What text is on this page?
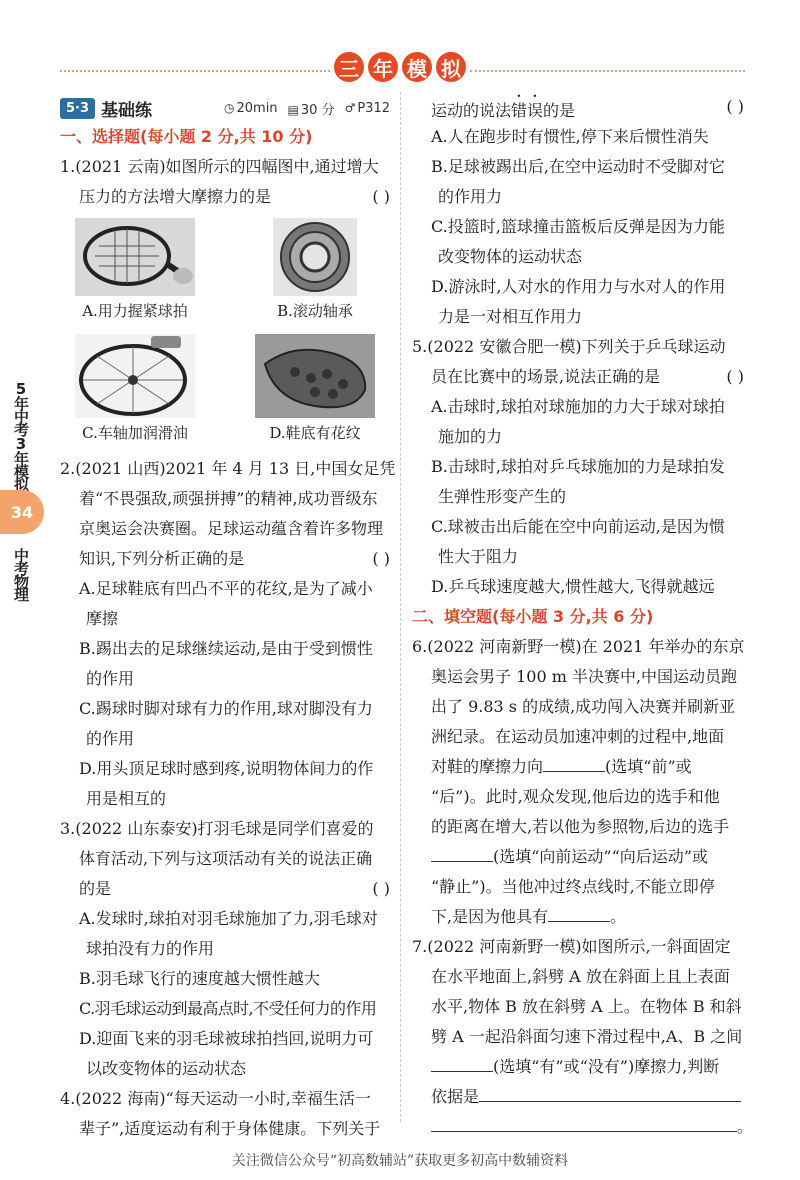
三 年 模 拟
5年中考3年模拟
34
中考物理
5·3 基础练	◷ 20min ▤ 30 分 ♂ P312
一、选择题(每小题 2 分,共 10 分)
1.(2021 云南)如图所示的四幅图中,通过增大
压力的方法增大摩擦力的是	( )
A.用力握紧球拍	B.滚动轴承
C.车轴加润滑油	D.鞋底有花纹
2.(2021 山西)2021 年 4 月 13 日,中国女足凭
着“不畏强敌,顽强拼搏”的精神,成功晋级东
京奥运会决赛圈。足球运动蕴含着许多物理
知识,下列分析正确的是	( )
A.足球鞋底有凹凸不平的花纹,是为了减小
摩擦
B.踢出去的足球继续运动,是由于受到惯性
的作用
C.踢球时脚对球有力的作用,球对脚没有力
的作用
D.用头顶足球时感到疼,说明物体间力的作
用是相互的
3.(2022 山东泰安)打羽毛球是同学们喜爱的
体育活动,下列与这项活动有关的说法正确
的是	( )
A.发球时,球拍对羽毛球施加了力,羽毛球对
球拍没有力的作用
B.羽毛球飞行的速度越大惯性越大
C.羽毛球运动到最高点时,不受任何力的作用
D.迎面飞来的羽毛球被球拍挡回,说明力可
以改变物体的运动状态
4.(2022 海南)“每天运动一小时,幸福生活一
辈子”,适度运动有利于身体健康。下列关于
运动的说法错误的是	( )
A.人在跑步时有惯性,停下来后惯性消失
B.足球被踢出后,在空中运动时不受脚对它
的作用力
C.投篮时,篮球撞击篮板后反弹是因为力能
改变物体的运动状态
D.游泳时,人对水的作用力与水对人的作用
力是一对相互作用力
5.(2022 安徽合肥一模)下列关于乒乓球运动
员在比赛中的场景,说法正确的是	( )
A.击球时,球拍对球施加的力大于球对球拍
施加的力
B.击球时,球拍对乒乓球施加的力是球拍发
生弹性形变产生的
C.球被击出后能在空中向前运动,是因为惯
性大于阻力
D.乒乓球速度越大,惯性越大,飞得就越远
二、填空题(每小题 3 分,共 6 分)
6.(2022 河南新野一模)在 2021 年举办的东京
奥运会男子 100 m 半决赛中,中国运动员跑
出了 9.83 s 的成绩,成功闯入决赛并刷新亚
洲纪录。在运动员加速冲刺的过程中,地面
对鞋的摩擦力向	(选填“前”或
“后”)。此时,观众发现,他后边的选手和他
的距离在增大,若以他为参照物,后边的选手
(选填“向前运动”“向后运动”或
“静止”)。当他冲过终点线时,不能立即停
下,是因为他具有	。
7.(2022 河南新野一模)如图所示,一斜面固定
在水平地面上,斜劈 A 放在斜面上且上表面
水平,物体 B 放在斜劈 A 上。在物体 B 和斜
劈 A 一起沿斜面匀速下滑过程中,A、B 之间
(选填“有”或“没有”)摩擦力,判断
依据是
。
关注微信公众号“初高数辅站”获取更多初高中数辅资料
